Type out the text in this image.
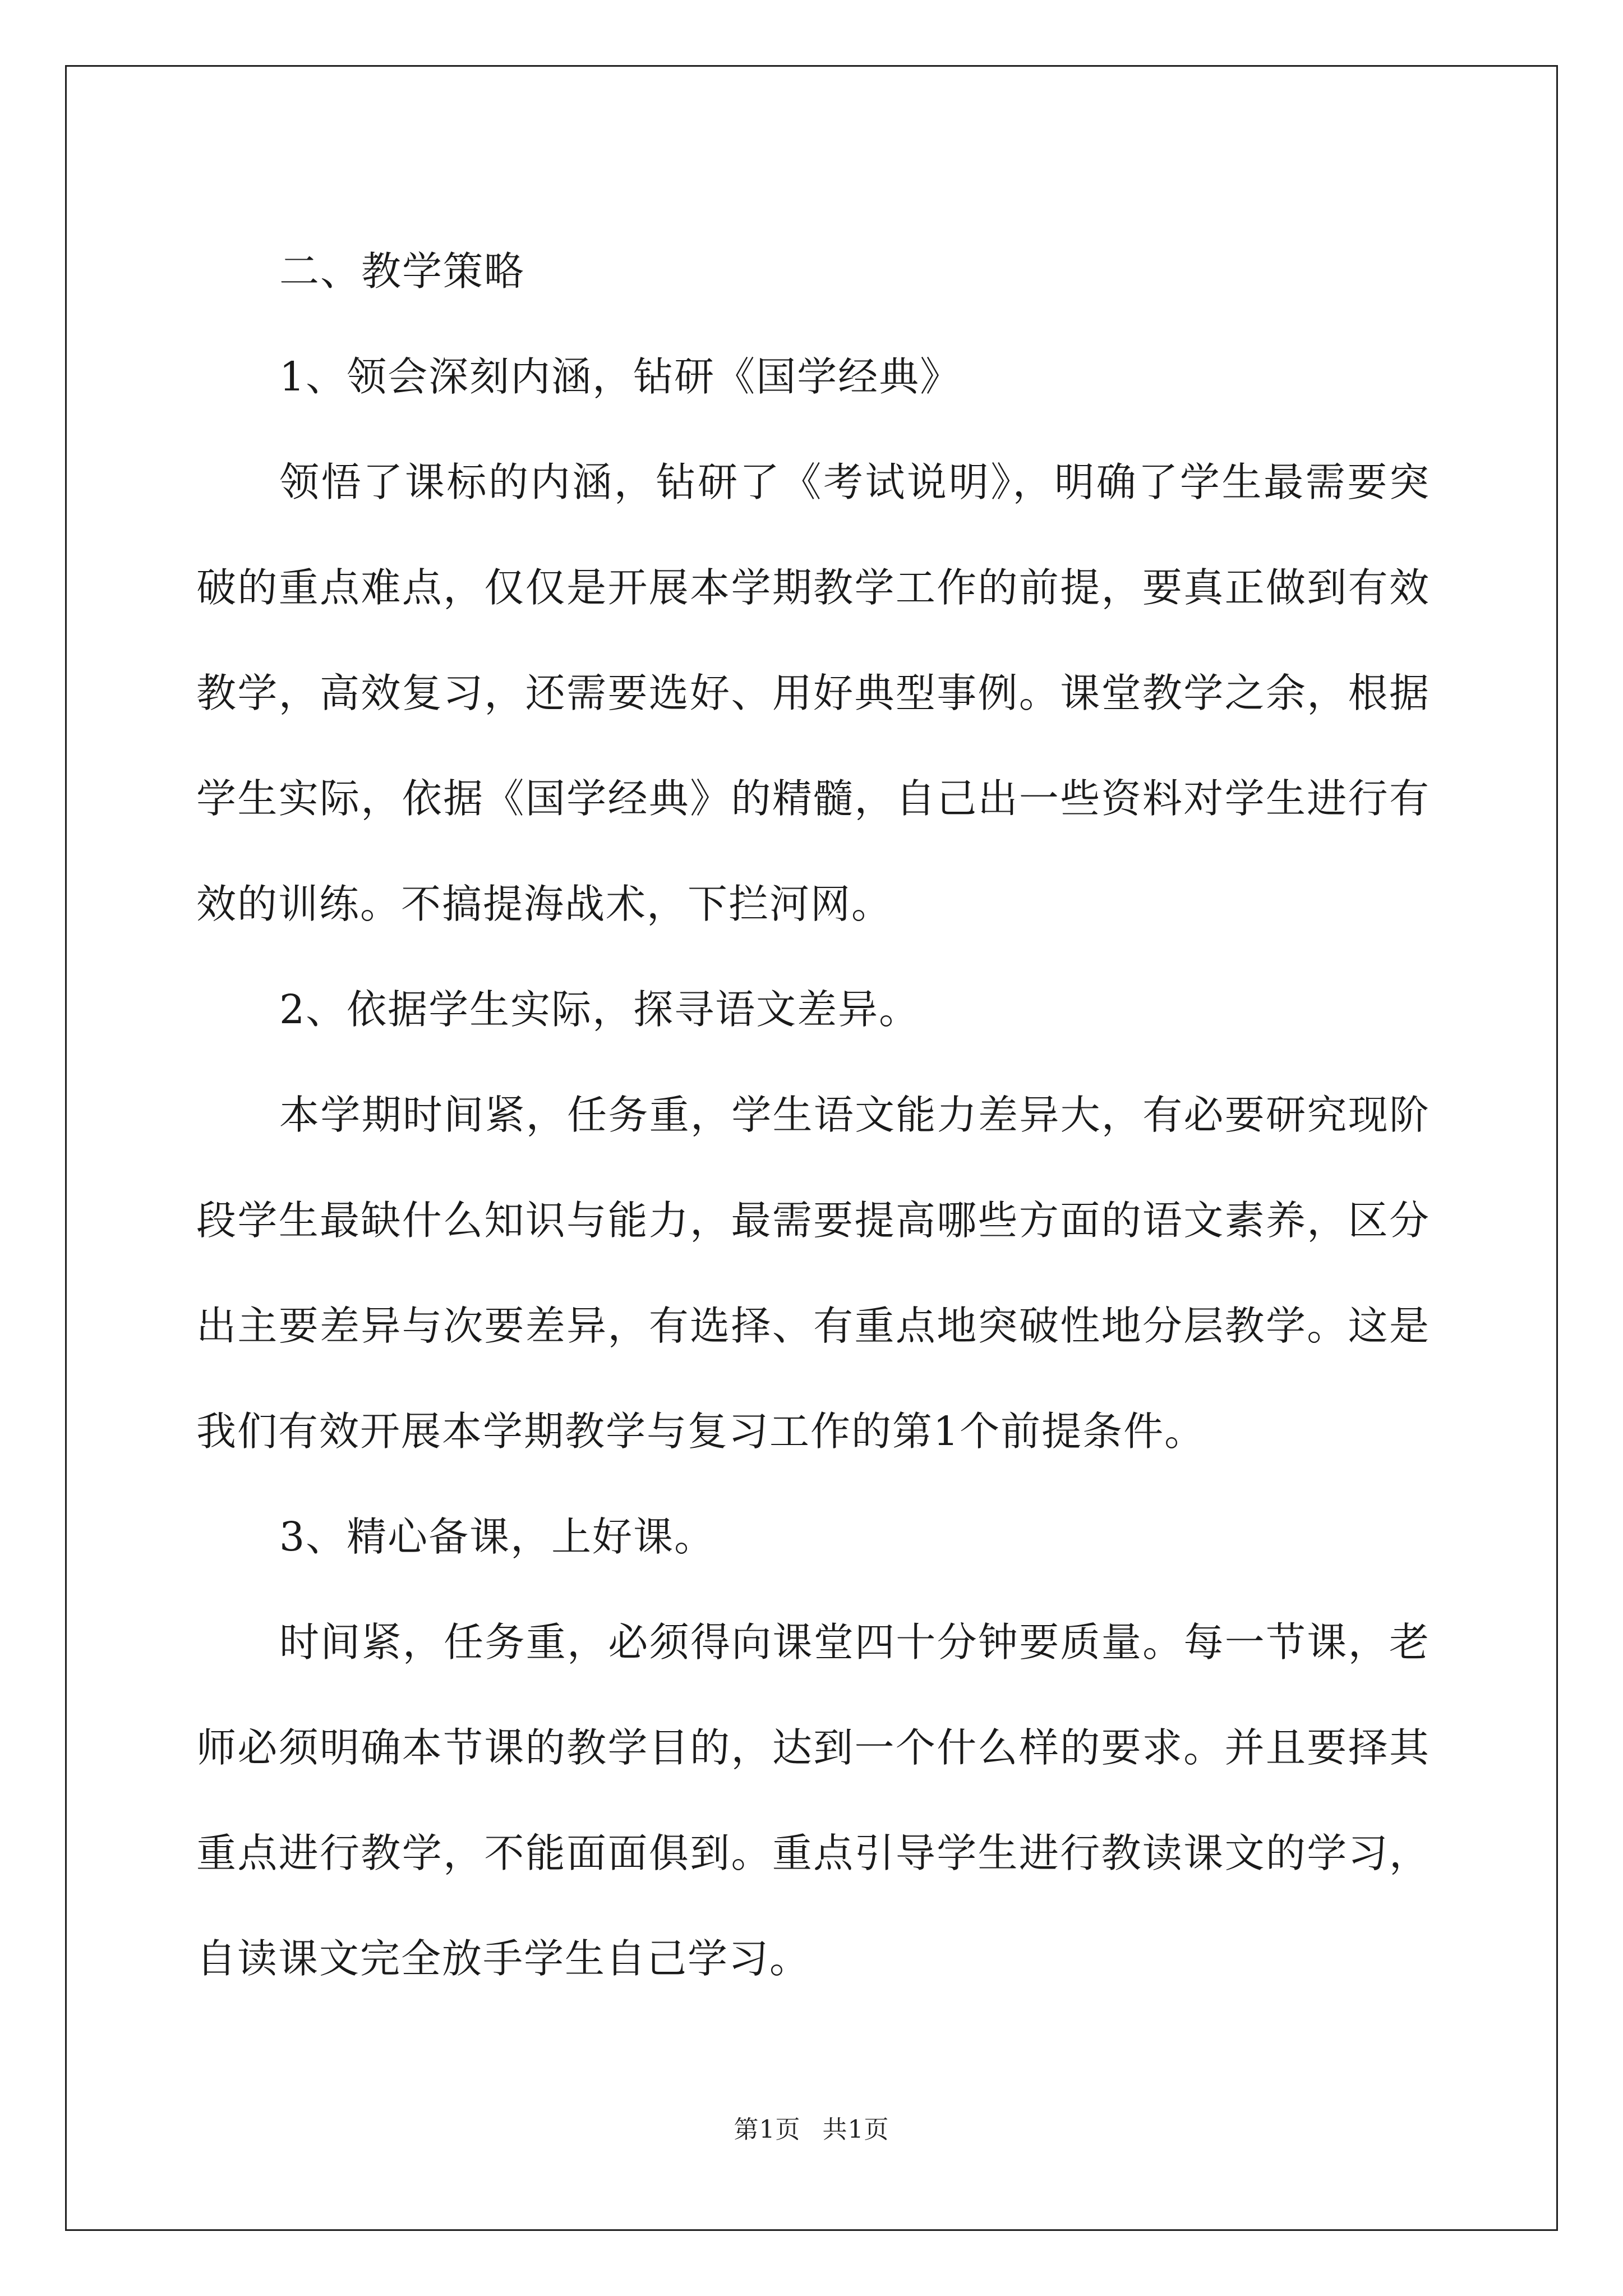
二、教学策略

1、领会深刻内涵，钻研《国学经典》

领悟了课标的内涵，钻研了《考试说明》，明确了学生最需要突破的重点难点，仅仅是开展本学期教学工作的前提，要真正做到有效教学，高效复习，还需要选好、用好典型事例。课堂教学之余，根据学生实际，依据《国学经典》的精髓，自己出一些资料对学生进行有效的训练。不搞提海战术，下拦河网。

2、依据学生实际，探寻语文差异。

本学期时间紧，任务重，学生语文能力差异大，有必要研究现阶段学生最缺什么知识与能力，最需要提高哪些方面的语文素养，区分出主要差异与次要差异，有选择、有重点地突破性地分层教学。这是我们有效开展本学期教学与复习工作的第1个前提条件。

3、精心备课，上好课。

时间紧，任务重，必须得向课堂四十分钟要质量。每一节课，老师必须明确本节课的教学目的，达到一个什么样的要求。并且要择其重点进行教学，不能面面俱到。重点引导学生进行教读课文的学习，自读课文完全放手学生自己学习。

第1页 共1页
